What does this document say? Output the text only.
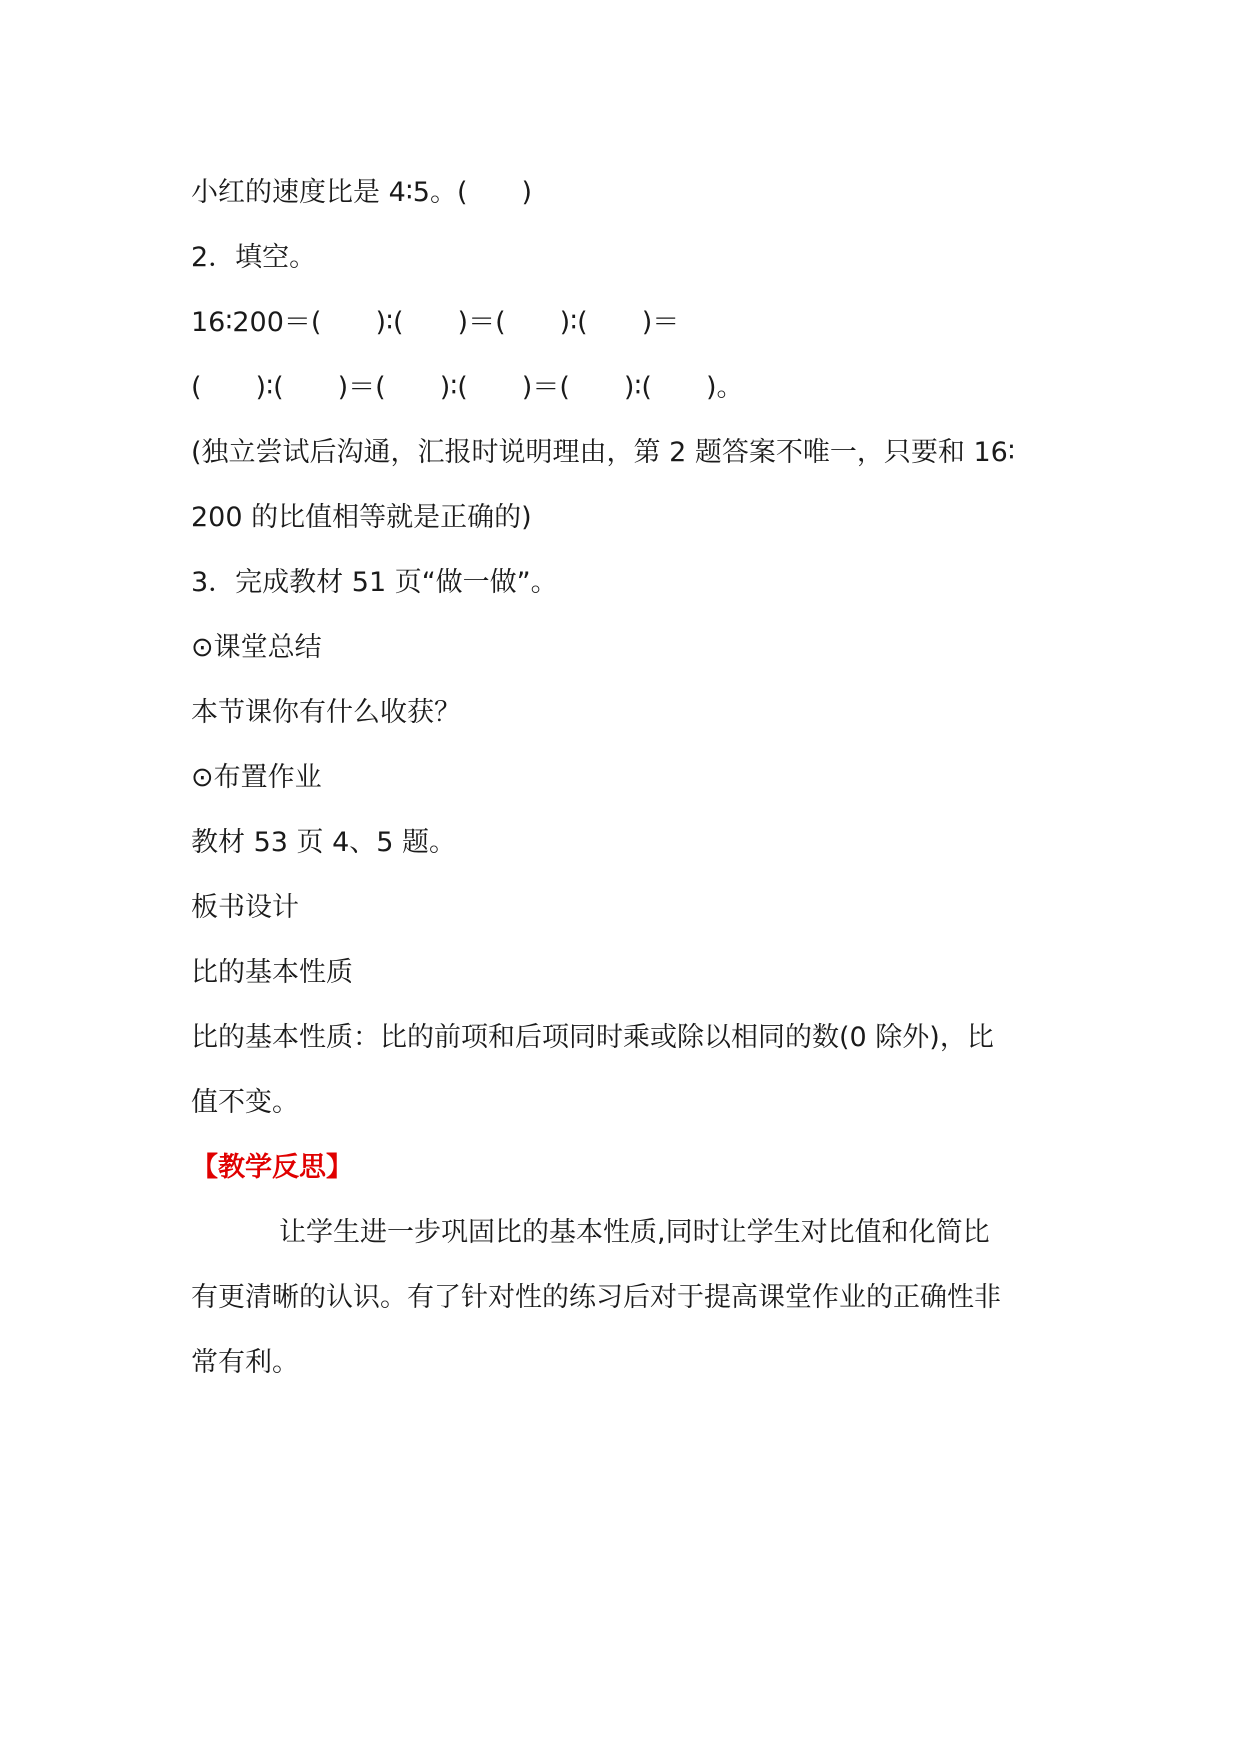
小红的速度比是 4∶5。(　　)

2．填空。

16∶200＝(　　)∶(　　)＝(　　)∶(　　)＝

(　　)∶(　　)＝(　　)∶(　　)＝(　　)∶(　　)。

(独立尝试后沟通，汇报时说明理由，第 2 题答案不唯一，只要和 16∶

200 的比值相等就是正确的)

3．完成教材 51 页“做一做”。

⊙课堂总结

本节课你有什么收获？

⊙布置作业

教材 53 页 4、5 题。

板书设计

比的基本性质

比的基本性质：比的前项和后项同时乘或除以相同的数(0 除外)，比

值不变。

【教学反思】

让学生进一步巩固比的基本性质,同时让学生对比值和化简比

有更清晰的认识。有了针对性的练习后对于提高课堂作业的正确性非

常有利。
